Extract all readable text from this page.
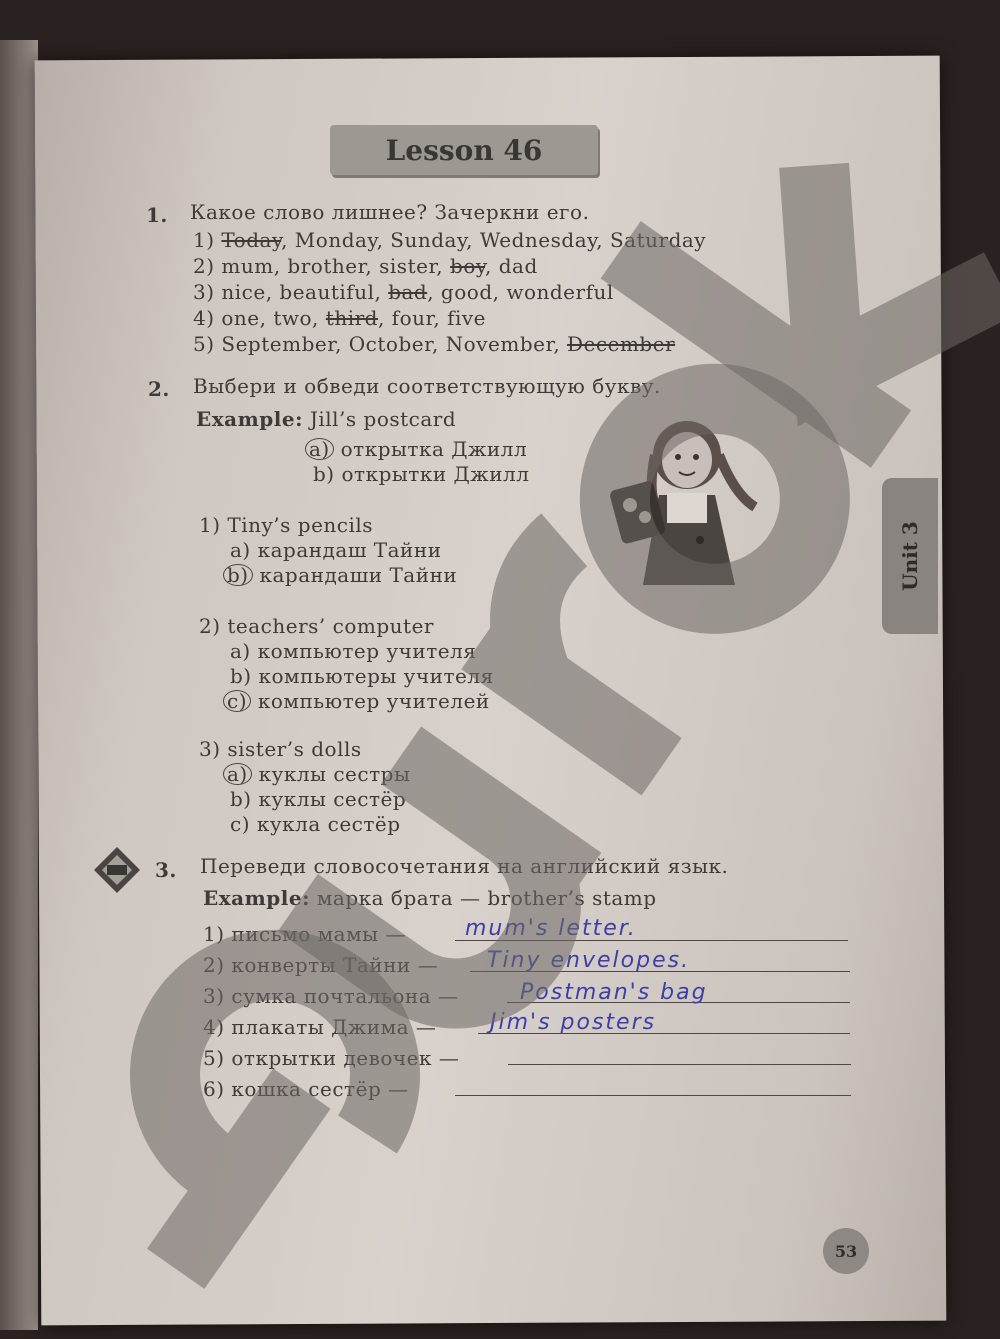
Lesson 46
1. Какое слово лишнее? Зачеркни его.
1) Today, Monday, Sunday, Wednesday, Saturday
2) mum, brother, sister, boy, dad
3) nice, beautiful, bad, good, wonderful
4) one, two, third, four, five
5) September, October, November, December
2. Выбери и обведи соответствующую букву.
Example: Jill’s postcard
a) открытка Джилл
b) открытки Джилл
1) Tiny’s pencils
a) карандаш Тайни
b) карандаши Тайни
2) teachers’ computer
a) компьютер учителя
b) компьютеры учителя
c) компьютер учителей
3) sister’s dolls
a) куклы сестры
b) куклы сестёр
c) кукла сестёр
3. Переведи словосочетания на английский язык.
Example: марка брата — brother’s stamp
1) письмо мамы —	mum's letter.
2) конверты Тайни — Tiny envelopes.
3) сумка почтальона —	Postman's bag
4) плакаты Джима — Jim's posters
5) открытки девочек —
6) кошка сестёр —
Unit 3
53
